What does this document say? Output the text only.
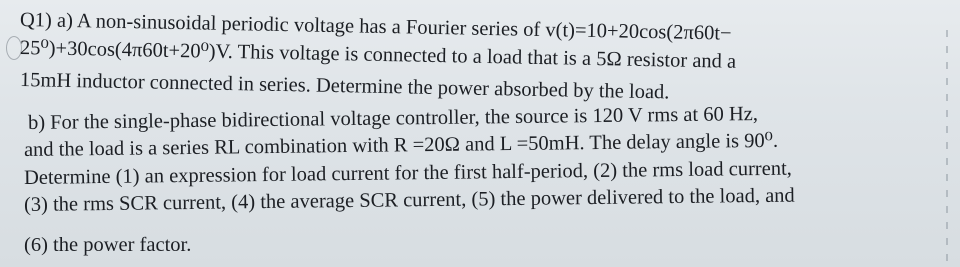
Q1) a) A non-sinusoidal periodic voltage has a Fourier series of v(t)=10+20cos(2π60t−
25⁰)+30cos(4π60t+20⁰)V. This voltage is connected to a load that is a 5Ω resistor and a
15mH inductor connected in series. Determine the power absorbed by the load.
b) For the single-phase bidirectional voltage controller, the source is 120 V rms at 60 Hz,
and the load is a series RL combination with R =20Ω and L =50mH. The delay angle is 90⁰.
Determine (1) an expression for load current for the first half-period, (2) the rms load current,
(3) the rms SCR current, (4) the average SCR current, (5) the power delivered to the load, and
(6) the power factor.
